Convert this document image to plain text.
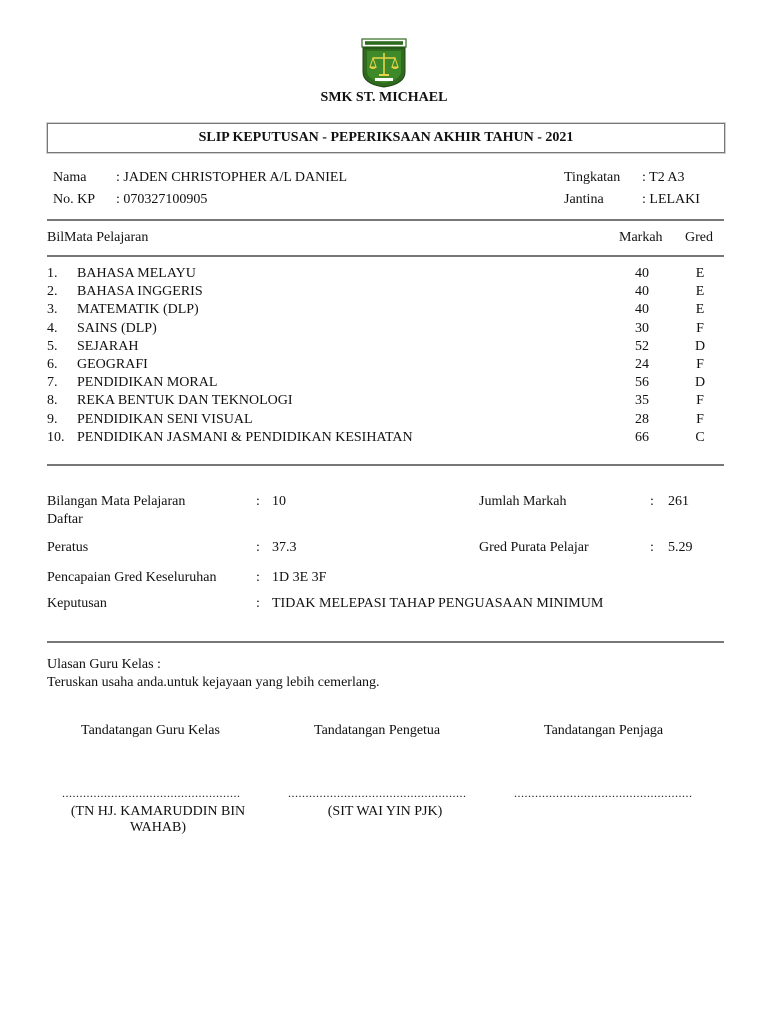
SMK ST. MICHAEL
SLIP KEPUTUSAN - PEPERIKSAAN AKHIR TAHUN - 2021
Nama : JADEN CHRISTOPHER A/L DANIEL
No. KP : 070327100905
Tingkatan : T2 A3
Jantina	: LELAKI
Bil Mata Pelajaran	Markah Gred
1. BAHASA MELAYU	40	E
2. BAHASA INGGERIS	40	E
3. MATEMATIK (DLP)	40	E
4. SAINS (DLP)	30	F
5. SEJARAH	52	D
6. GEOGRAFI	24	F
7. PENDIDIKAN MORAL	56	D
8. REKA BENTUK DAN TEKNOLOGI	35	F
9. PENDIDIKAN SENI VISUAL	28	F
10. PENDIDIKAN JASMANI & PENDIDIKAN KESIHATAN	66	C
Bilangan Mata Pelajaran
Daftar
: 10	Jumlah Markah	: 261
Peratus	: 37.3	Gred Purata Pelajar	: 5.29
Pencapaian Gred Keseluruhan	: 1D 3E 3F
Keputusan	: TIDAK MELEPASI TAHAP PENGUASAAN MINIMUM
Ulasan Guru Kelas :
Teruskan usaha anda.untuk kejayaan yang lebih cemerlang.
Tandatangan Guru Kelas	Tandatangan Pengetua	Tandatangan Penjaga
...................................................	...................................................	...................................................
(TN HJ. KAMARUDDIN BIN
WAHAB)
(SIT WAI YIN PJK)
